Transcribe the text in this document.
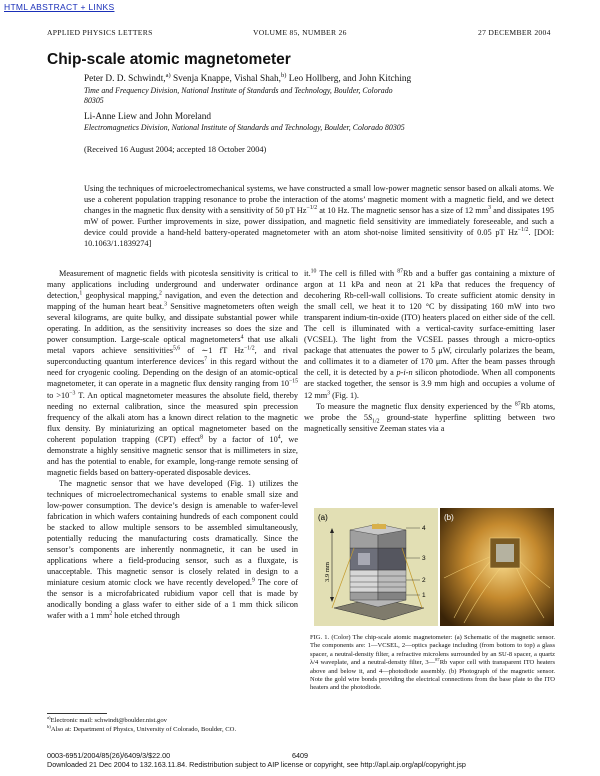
HTML ABSTRACT + LINKS
APPLIED PHYSICS LETTERS	VOLUME 85, NUMBER 26	27 DECEMBER 2004
Chip-scale atomic magnetometer
Peter D. D. Schwindt,$^{a)}$ Svenja Knappe, Vishal Shah,$^{b)}$ Leo Hollberg, and John Kitching
Time and Frequency Division, National Institute of Standards and Technology, Boulder, Colorado
80305
Li-Anne Liew and John Moreland
Electromagnetics Division, National Institute of Standards and Technology, Boulder, Colorado 80305
(Received 16 August 2004; accepted 18 October 2004)
Using the techniques of microelectromechanical systems, we have constructed a small low-power magnetic sensor based on alkali atoms. We use a coherent population trapping resonance to probe the interaction of the atoms’ magnetic moment with a magnetic field, and we detect changes in the magnetic flux density with a sensitivity of 50 pT $Hz^{-1/2}$ at 10 Hz. The magnetic sensor has a size of 12 $mm^3$ and dissipates 195 mW of power. Further improvements in size, power dissipation, and magnetic field sensitivity are immediately foreseeable, and such a device could provide a hand-held battery-operated magnetometer with an atom shot-noise limited sensitivity of 0.05 pT $Hz^{-1/2}$. [DOI: 10.1063/1.1839274]

Measurement of magnetic fields with picotesla sensitivity is critical to many applications including underground and underwater ordinance detection,$^1$ geophysical mapping,$^2$ navigation, and even the detection and mapping of the human heart beat.$^3$ Sensitive magnetometers often weigh several kilograms, are quite bulky, and dissipate substantial power while operating. In addition, as the sensitivity increases so does the size and power consumption. Large-scale optical magnetometers$^4$ that use alkali metal vapors achieve sensitivities$^{5,6}$ of ∼1 fT $Hz^{-1/2}$, and rival superconducting quantum interference devices$^7$ in this regard without the need for cryogenic cooling. Depending on the design of an atomic-optical magnetometer, it can operate in a magnetic flux density ranging from $10^{-15}$ to $>10^{-3}$ T. An optical magnetometer measures the absolute field, thereby needing no external calibration, since the measured spin precession frequency of the alkali atom has a known direct relation to the magnetic flux density. By miniaturizing an optical magnetometer based on the coherent population trapping (CPT) effect$^8$ by a factor of $10^4$, we demonstrate a highly sensitive magnetic sensor that is millimeters in size, and has the potential to enable, for example, long-range remote sensing of magnetic fields based on battery-operated disposable devices.

The magnetic sensor that we have developed (Fig. 1) utilizes the techniques of microelectromechanical systems to enable small size and low-power consumption. The device’s design is amenable to wafer-level fabrication in which wafers containing hundreds of each component could be stacked to allow multiple sensors to be assembled simultaneously, potentially reducing the manufacturing costs dramatically. Since the sensor’s components are inherently nonmagnetic, it can be used in applications where a field-producing sensor, such as a fluxgate, is unacceptable. This magnetic sensor is closely related in design to a miniature cesium atomic clock we have recently developed.$^9$ The core of the sensor is a microfabricated rubidium vapor cell that is made by anodically bonding a glass wafer to either side of a 1 mm thick silicon wafer with a 1 $mm^2$ hole etched through

it.$^{10}$ The cell is filled with $^{87}$Rb and a buffer gas containing a mixture of argon at 11 kPa and neon at 21 kPa that reduces the frequency of decohering Rb-cell-wall collisions. To create sufficient atomic density in the small cell, we heat it to 120 °C by dissipating 160 mW into two transparent indium-tin-oxide (ITO) heaters placed on either side of the cell. The cell is illuminated with a vertical-cavity surface-emitting laser (VCSEL). The light from the VCSEL passes through a micro-optics package that attenuates the power to 5 μW, circularly polarizes the beam, and collimates it to a diameter of 170 μm. After the beam passes through the cell, it is detected by a p-i-n silicon photodiode. When all components are stacked together, the sensor is 3.9 mm high and occupies a volume of 12 $mm^3$ (Fig. 1).

To measure the magnetic flux density experienced by the $^{87}$Rb atoms, we probe the $5S_{1/2}$ ground-state hyperfine splitting between two magnetically sensitive Zeeman states via a

3.9 mm
4
3
2
1
(a)	(b)
FIG. 1. (Color) The chip-scale atomic magnetometer: (a) Schematic of the magnetic sensor. The components are: 1—VCSEL, 2—optics package including (from bottom to top) a glass spacer, a neutral-density filter, a refractive microlens surrounded by an SU-8 spacer, a quartz λ/4 waveplate, and a neutral-density filter, 3—$^{87}$Rb vapor cell with transparent ITO heaters above and below it, and 4—photodiode assembly. (b) Photograph of the magnetic sensor. Note the gold wire bonds providing the electrical connections from the base plate to the ITO heaters and the photodiode.
$^{a)}$Electronic mail: schwindt@boulder.nist.gov
$^{b)}$Also at: Department of Physics, University of Colorado, Boulder, CO.
0003-6951/2004/85(26)/6409/3/$22.00	6409
Downloaded 21 Dec 2004 to 132.163.11.84. Redistribution subject to AIP license or copyright, see http://apl.aip.org/apl/copyright.jsp
